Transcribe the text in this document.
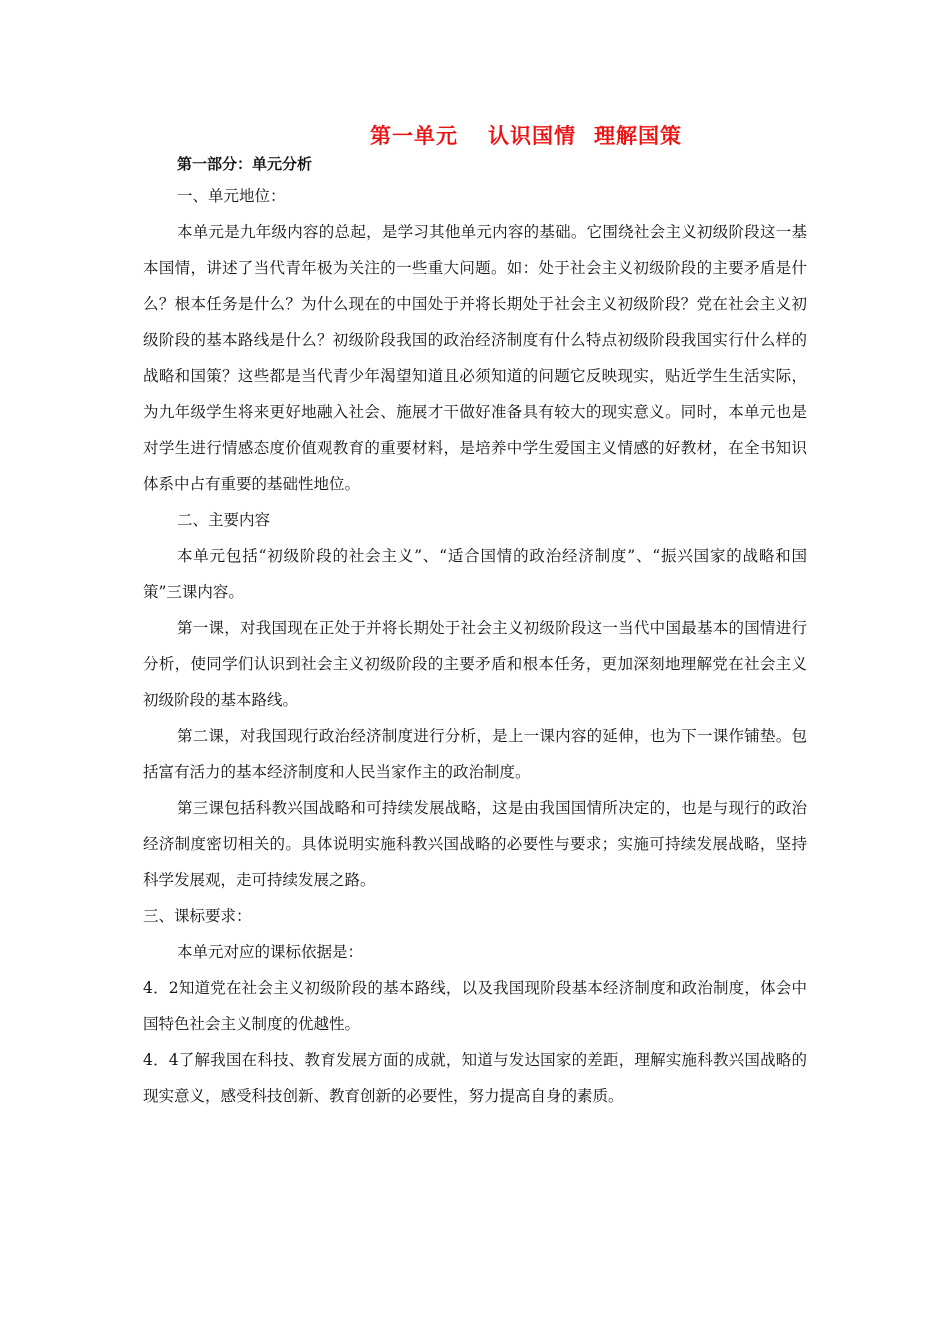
第一单元 认识国情 理解国策
第一部分：单元分析

一、单元地位：

本单元是九年级内容的总起，是学习其他单元内容的基础。它围绕社会主义初级阶段这一基本国情，讲述了当代青年极为关注的一些重大问题。如：处于社会主义初级阶段的主要矛盾是什么？根本任务是什么？为什么现在的中国处于并将长期处于社会主义初级阶段？党在社会主义初级阶段的基本路线是什么？初级阶段我国的政治经济制度有什么特点初级阶段我国实行什么样的战略和国策？这些都是当代青少年渴望知道且必须知道的问题它反映现实，贴近学生生活实际，为九年级学生将来更好地融入社会、施展才干做好准备具有较大的现实意义。同时，本单元也是对学生进行情感态度价值观教育的重要材料，是培养中学生爱国主义情感的好教材，在全书知识体系中占有重要的基础性地位。

二、主要内容

本单元包括“初级阶段的社会主义”、“适合国情的政治经济制度”、“振兴国家的战略和国策”三课内容。

第一课，对我国现在正处于并将长期处于社会主义初级阶段这一当代中国最基本的国情进行分析，使同学们认识到社会主义初级阶段的主要矛盾和根本任务，更加深刻地理解党在社会主义初级阶段的基本路线。

第二课，对我国现行政治经济制度进行分析，是上一课内容的延伸，也为下一课作铺垫。包括富有活力的基本经济制度和人民当家作主的政治制度。

第三课包括科教兴国战略和可持续发展战略，这是由我国国情所决定的，也是与现行的政治经济制度密切相关的。具体说明实施科教兴国战略的必要性与要求；实施可持续发展战略，坚持科学发展观，走可持续发展之路。

三、课标要求：

本单元对应的课标依据是：

4．2知道党在社会主义初级阶段的基本路线，以及我国现阶段基本经济制度和政治制度，体会中国特色社会主义制度的优越性。

4．4了解我国在科技、教育发展方面的成就，知道与发达国家的差距，理解实施科教兴国战略的现实意义，感受科技创新、教育创新的必要性，努力提高自身的素质。
